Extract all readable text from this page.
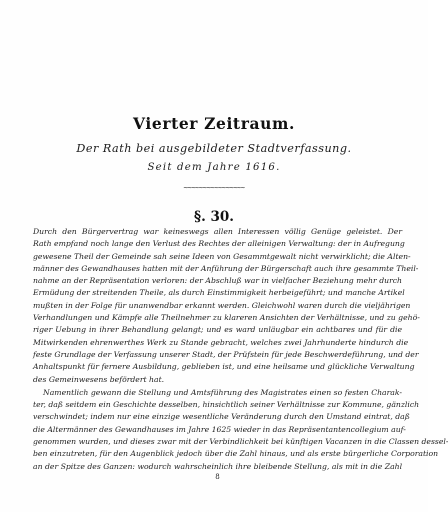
Vierter Zeitraum.
Der Rath bei ausgebildeter Stadtverfassung.
Seit dem Jahre 1616.
~~~~~~~~~~~~~~~~
§. 30.
Durch den Bürgervertrag war keineswegs allen Interessen völlig Genüge geleistet. Der
Rath empfand noch lange den Verlust des Rechtes der alleinigen Verwaltung: der in Aufregung
gewesene Theil der Gemeinde sah seine Ideen von Gesammtgewalt nicht verwirklicht; die Alten-
männer des Gewandhauses hatten mit der Anführung der Bürgerschaft auch ihre gesammte Theil-
nahme an der Repräsentation verloren: der Abschluß war in vielfacher Beziehung mehr durch
Ermüdung der streitenden Theile, als durch Einstimmigkeit herbeigeführt; und manche Artikel
mußten in der Folge für unanwendbar erkannt werden. Gleichwohl waren durch die vieljährigen
Verhandlungen und Kämpfe alle Theilnehmer zu klareren Ansichten der Verhältnisse, und zu gehö-
riger Uebung in ihrer Behandlung gelangt; und es ward unläugbar ein achtbares und für die
Mitwirkenden ehrenwerthes Werk zu Stande gebracht, welches zwei Jahrhunderte hindurch die
feste Grundlage der Verfassung unserer Stadt, der Prüfstein für jede Beschwerdeführung, und der
Anhaltspunkt für fernere Ausbildung, geblieben ist, und eine heilsame und glückliche Verwaltung
des Gemeinwesens befördert hat.
Namentlich gewann die Stellung und Amtsführung des Magistrates einen so festen Charak-
ter, daß seitdem ein Geschichte desselben, hinsichtlich seiner Verhältnisse zur Kommune, gänzlich
verschwindet; indem nur eine einzige wesentliche Veränderung durch den Umstand eintrat, daß
die Altermänner des Gewandhauses im Jahre 1625 wieder in das Repräsentantencollegium auf-
genommen wurden, und dieses zwar mit der Verbindlichkeit bei künftigen Vacanzen in die Classen dessel-
ben einzutreten, für den Augenblick jedoch über die Zahl hinaus, und als erste bürgerliche Corporation
an der Spitze des Ganzen: wodurch wahrscheinlich ihre bleibende Stellung, als mit in die Zahl
8
